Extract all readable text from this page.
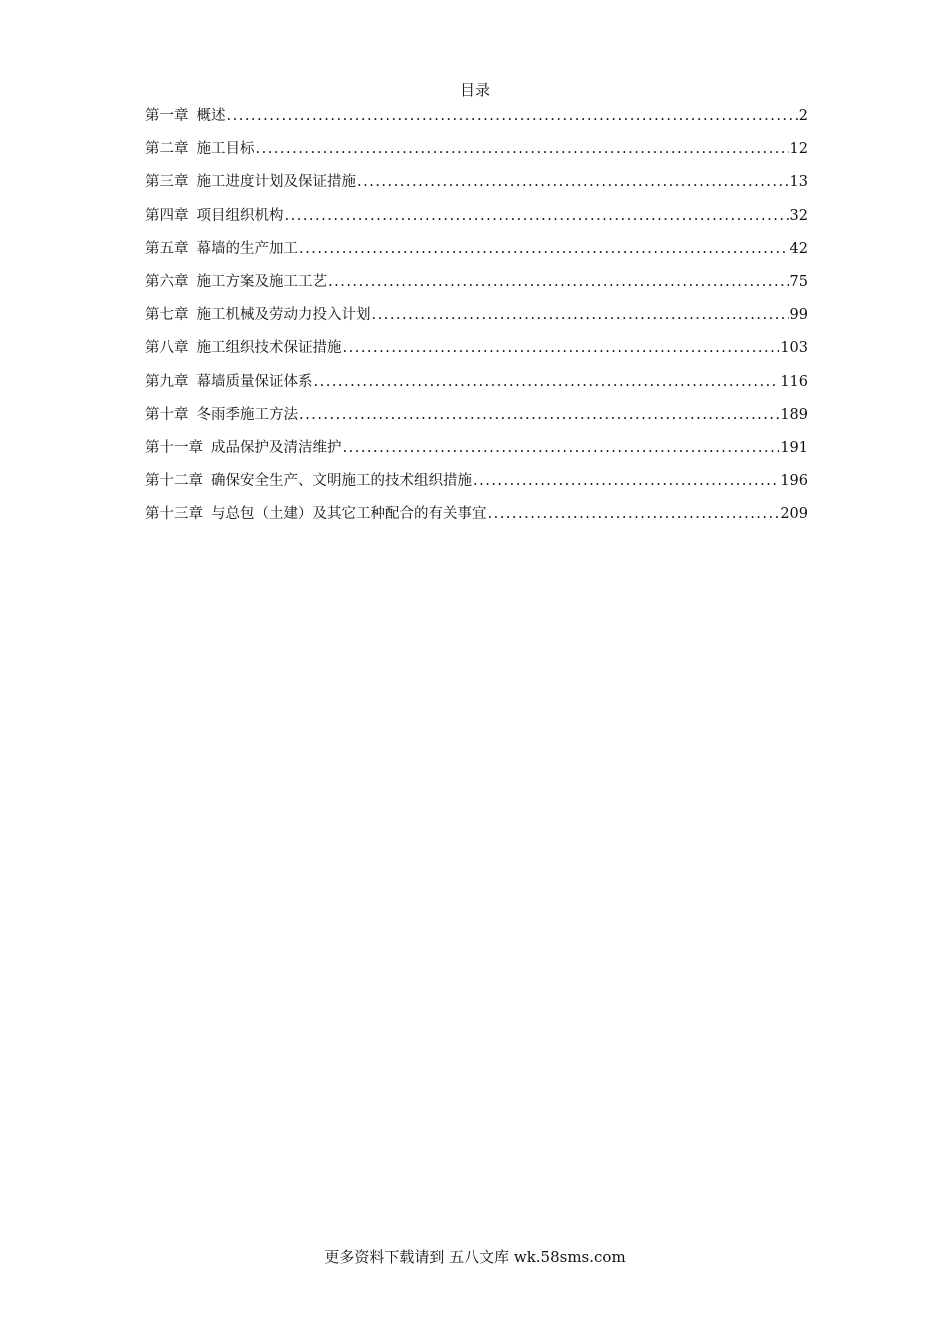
目录
第一章 概述 .....	2
第二章 施工目标 .....	12
第三章 施工进度计划及保证措施 .....	13
第四章 项目组织机构 .....	32
第五章 幕墙的生产加工 .....	42
第六章 施工方案及施工工艺 .....	75
第七章 施工机械及劳动力投入计划 .....	99
第八章 施工组织技术保证措施 .....	103
第九章 幕墙质量保证体系 .....	116
第十章 冬雨季施工方法 .....	189
第十一章 成品保护及清洁维护 .....	191
第十二章 确保安全生产、文明施工的技术组织措施 .....	196
第十三章 与总包（土建）及其它工种配合的有关事宜 .....	209
更多资料下载请到 五八文库 wk.58sms.com
